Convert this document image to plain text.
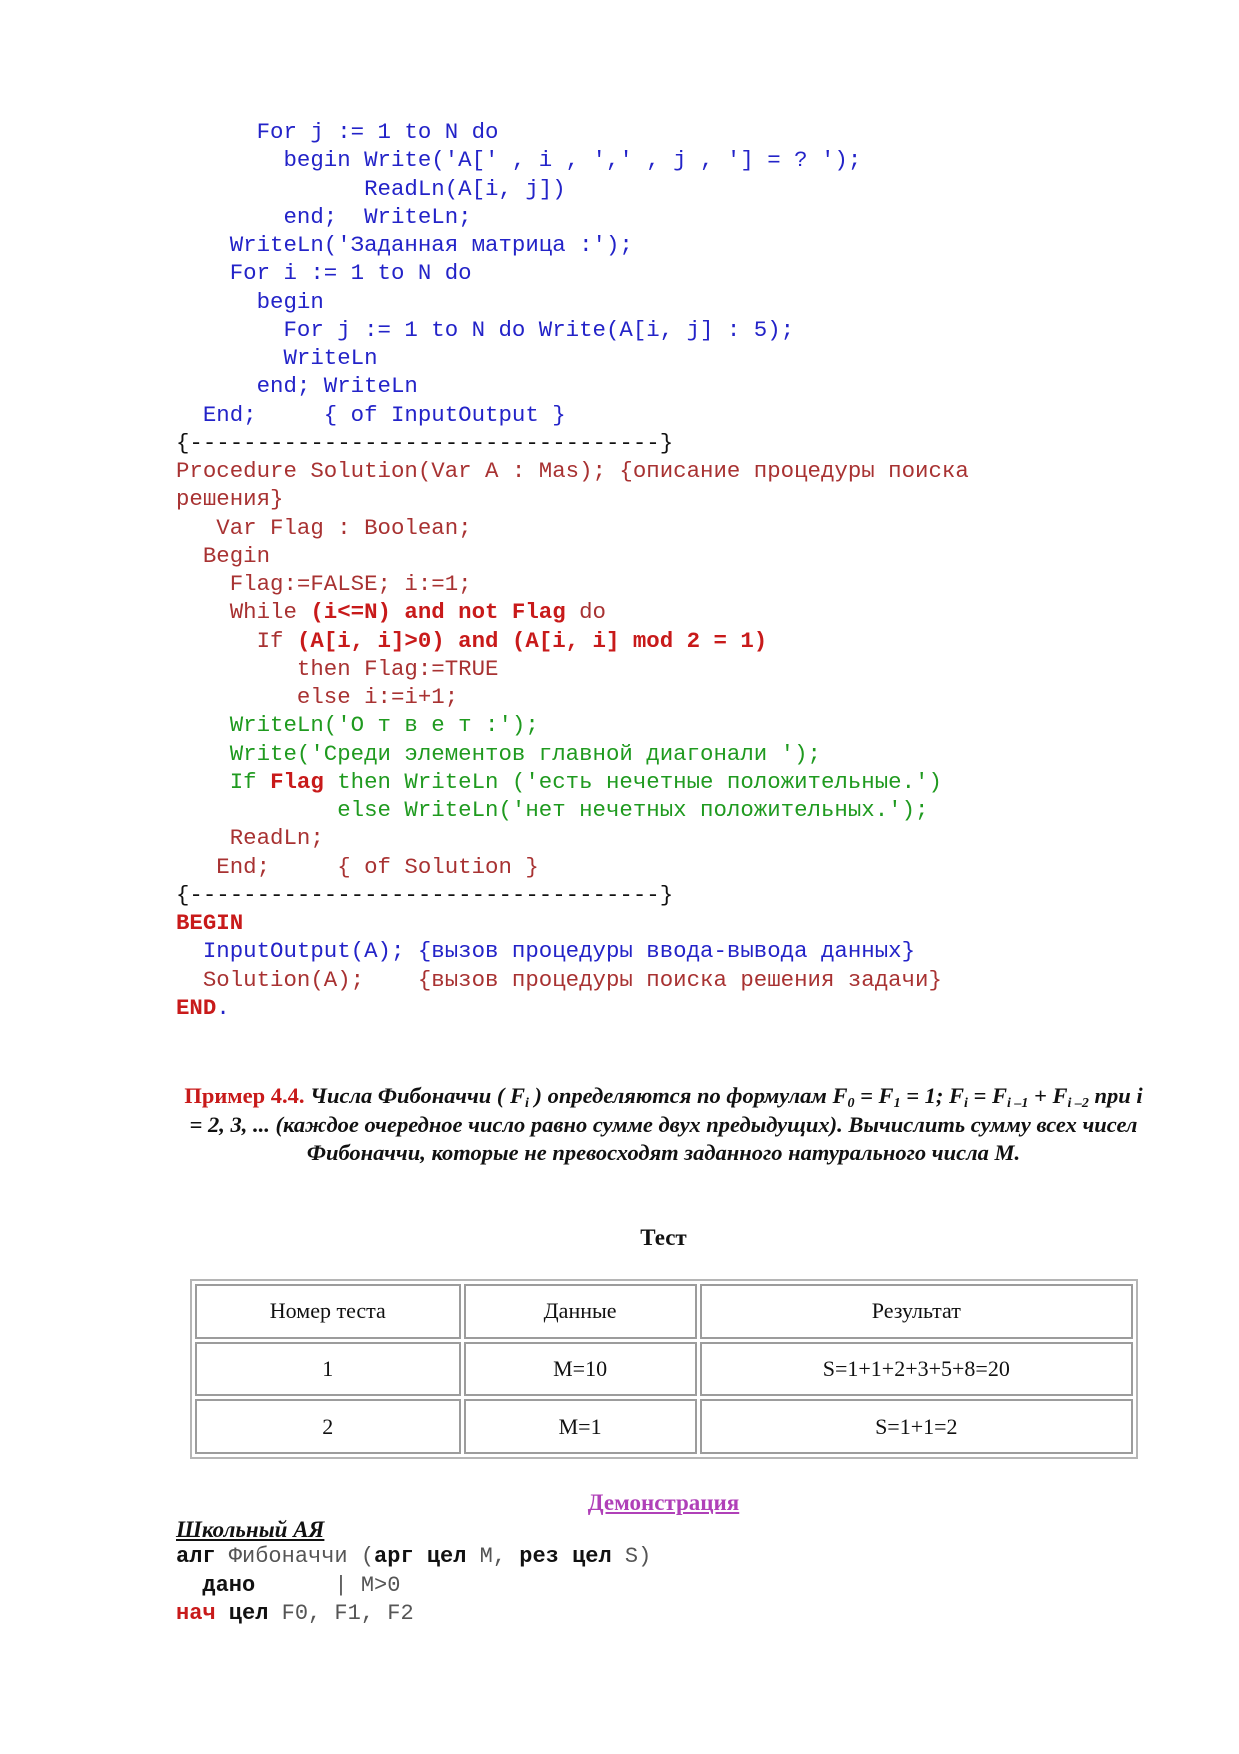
For j := 1 to N do
begin Write('A[' , i , ',' , j , '] = ? ');
ReadLn(A[i, j])
end;  WriteLn;
WriteLn('Заданная матрица :');
For i := 1 to N do
begin
For j := 1 to N do Write(A[i, j] : 5);
WriteLn
end; WriteLn
End;     { of InputOutput }
{-----------------------------------}
Procedure Solution(Var A : Mas); {описание процедуры поиска
решения}
Var Flag : Boolean;
Begin
Flag:=FALSE; i:=1;
While (i<=N) and not Flag do
If (A[i, i]>0) and (A[i, i] mod 2 = 1)
then Flag:=TRUE
else i:=i+1;
WriteLn('О т в е т :');
Write('Среди элементов главной диагонали ');
If Flag then WriteLn ('есть нечетные положительные.')
else WriteLn('нет нечетных положительных.');
ReadLn;
End;     { of Solution }
{-----------------------------------}
BEGIN
InputOutput(A); {вызов процедуры ввода-вывода данных}
Solution(A);    {вызов процедуры поиска решения задачи}
END.
Пример 4.4. Числа Фибоначчи ( $F_i$ ) определяются по формулам $F_0 = F_1 = 1$; $F_i = F_{i -1} + F_{i -2}$ при i = 2, 3, ... (каждое очередное число равно сумме двух предыдущих). Вычислить сумму всех чисел Фибоначчи, которые не превосходят заданного натурального числа M.
Тест
Номер теста	Данные	Результат
1	M=10	S=1+1+2+3+5+8=20
2	M=1	S=1+1=2
Демонстрация
Школьный АЯ
алг Фибоначчи (арг цел M, рез цел S)
дано      | M>0
нач цел F0, F1, F2
